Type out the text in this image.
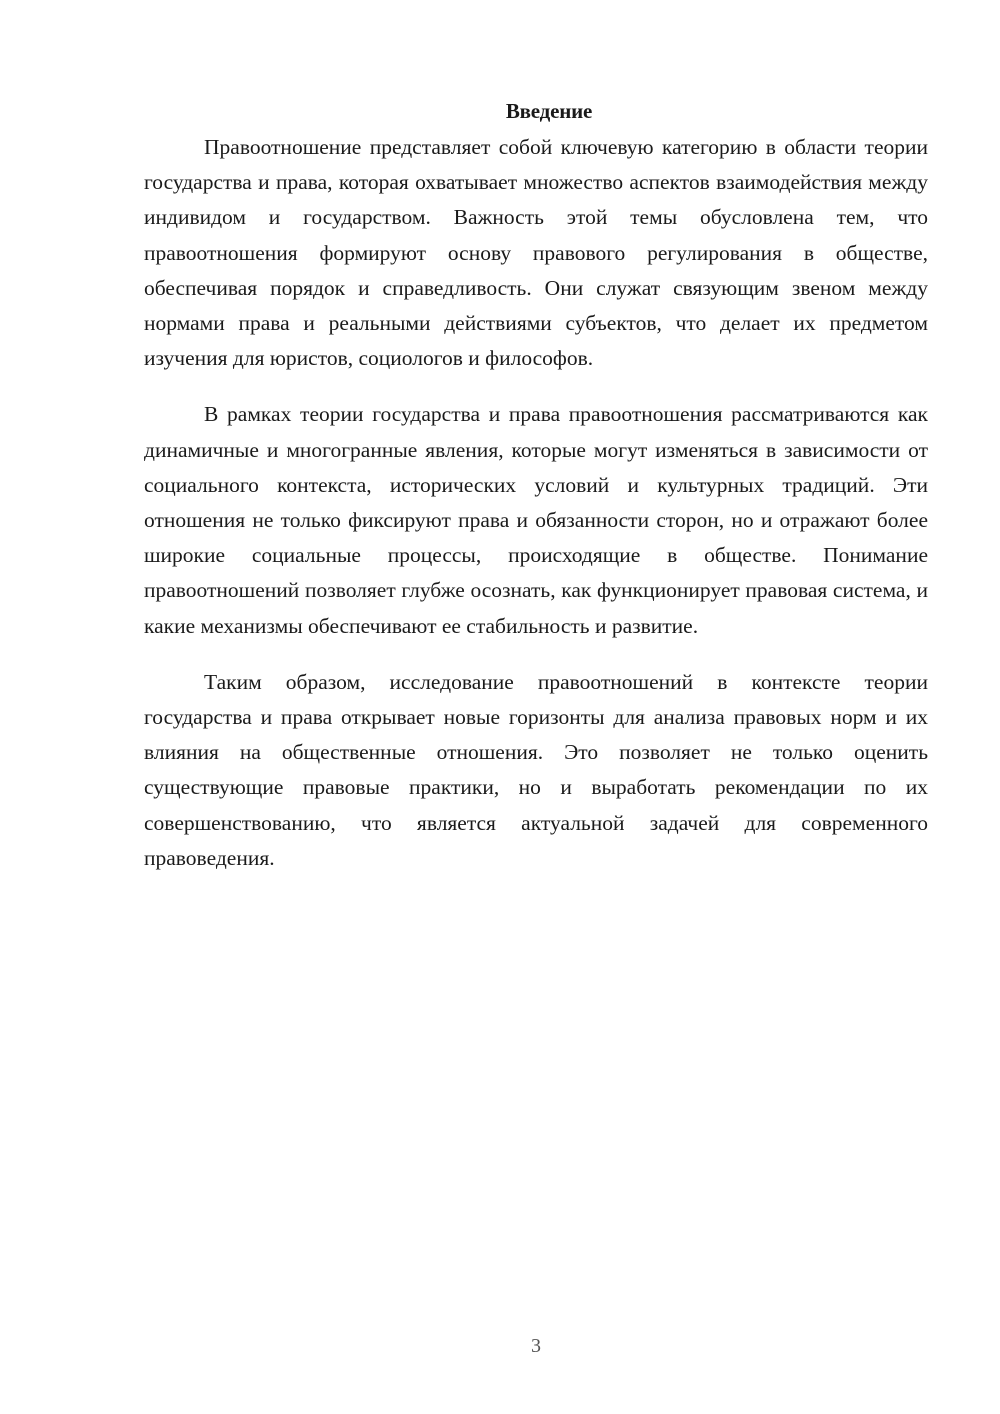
Введение

Правоотношение представляет собой ключевую категорию в области теории государства и права, которая охватывает множество аспектов взаимодействия между индивидом и государством. Важность этой темы обусловлена тем, что правоотношения формируют основу правового регулирования в обществе, обеспечивая порядок и справедливость. Они служат связующим звеном между нормами права и реальными действиями субъектов, что делает их предметом изучения для юристов, социологов и философов.

В рамках теории государства и права правоотношения рассматриваются как динамичные и многогранные явления, которые могут изменяться в зависимости от социального контекста, исторических условий и культурных традиций. Эти отношения не только фиксируют права и обязанности сторон, но и отражают более широкие социальные процессы, происходящие в обществе. Понимание правоотношений позволяет глубже осознать, как функционирует правовая система, и какие механизмы обеспечивают ее стабильность и развитие.

Таким образом, исследование правоотношений в контексте теории государства и права открывает новые горизонты для анализа правовых норм и их влияния на общественные отношения. Это позволяет не только оценить существующие правовые практики, но и выработать рекомендации по их совершенствованию, что является актуальной задачей для современного правоведения.

3
